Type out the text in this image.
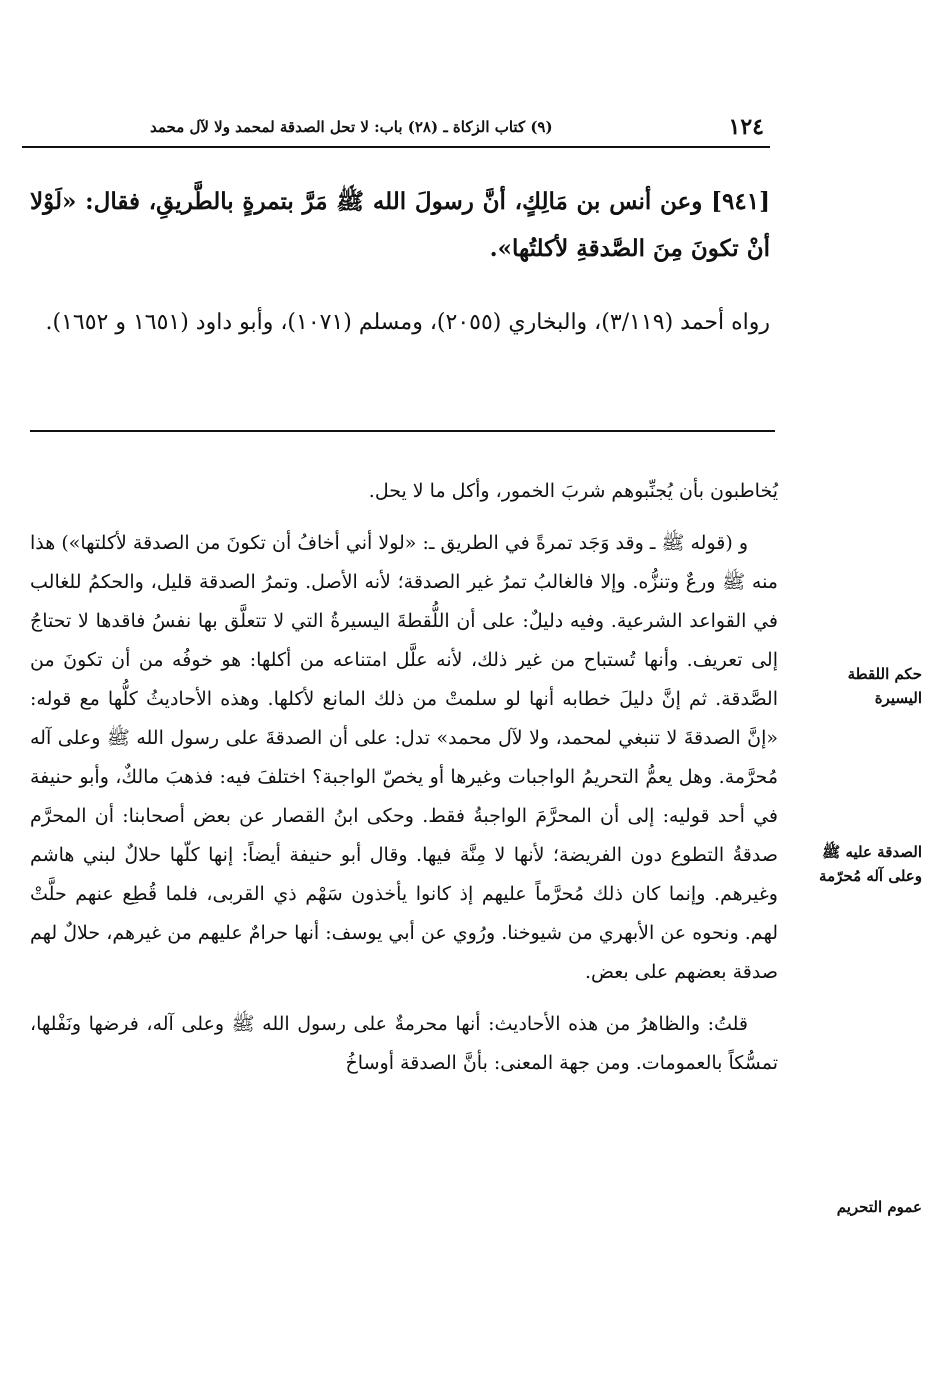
١٢٤
(٩) كتاب الزكاة ـ (٢٨) باب: لا تحل الصدقة لمحمد ولا لآل محمد
[٩٤١] وعن أنس بن مَالِكٍ، أنَّ رسولَ الله ﷺ مَرَّ بتمرةٍ بالطَّريقِ، فقال: «لَوْلا أنْ تكونَ مِنَ الصَّدقةِ لأكلتُها».
رواه أحمد (٣/١١٩)، والبخاري (٢٠٥٥)، ومسلم (١٠٧١)، وأبو داود (١٦٥١ و ١٦٥٢).

يُخاطبون بأن يُجنِّبوهم شربَ الخمور، وأكل ما لا يحل.

و (قوله ﷺ ـ وقد وَجَد تمرةً في الطريق ـ: «لولا أني أخافُ أن تكونَ من الصدقة لأكلتها») هذا منه ﷺ ورعٌ وتنزُّه. وإلا فالغالبُ تمرُ غير الصدقة؛ لأنه الأصل. وتمرُ الصدقة قليل، والحكمُ للغالب في القواعد الشرعية. وفيه دليلٌ: على أن اللُّقطةَ اليسيرةُ التي لا تتعلَّق بها نفسُ فاقدها لا تحتاجُ إلى تعريف. وأنها تُستباح من غير ذلك، لأنه علَّل امتناعه من أكلها: هو خوفُه من أن تكونَ من الصَّدقة. ثم إنَّ دليلَ خطابه أنها لو سلمتْ من ذلك المانع لأكلها. وهذه الأحاديثُ كلُّها مع قوله: «إنَّ الصدقةَ لا تنبغي لمحمد، ولا لآل محمد» تدل: على أن الصدقةَ على رسول الله ﷺ وعلى آله مُحرَّمة. وهل يعمُّ التحريمُ الواجبات وغيرها أو يخصّ الواجبة؟ اختلفَ فيه: فذهبَ مالكٌ، وأبو حنيفة في أحد قوليه: إلى أن المحرَّمَ الواجبةُ فقط. وحكى ابنُ القصار عن بعض أصحابنا: أن المحرَّم صدقةُ التطوع دون الفريضة؛ لأنها لا مِنَّة فيها. وقال أبو حنيفة أيضاً: إنها كلّها حلالٌ لبني هاشم وغيرهم. وإنما كان ذلك مُحرَّماً عليهم إذ كانوا يأخذون سَهْم ذي القربى، فلما قُطِع عنهم حلَّتْ لهم. ونحوه عن الأبهري من شيوخنا. ورُوي عن أبي يوسف: أنها حرامٌ عليهم من غيرهم، حلالٌ لهم صدقة بعضهم على بعض.

قلتُ: والظاهرُ من هذه الأحاديث: أنها محرمةٌ على رسول الله ﷺ وعلى آله، فرضها ونَفْلها، تمسُّكاً بالعمومات. ومن جهة المعنى: بأنَّ الصدقة أوساخُ

حكم اللقطة اليسيرة
الصدقة عليه ﷺ وعلى آله مُحرّمة
عموم التحريم
